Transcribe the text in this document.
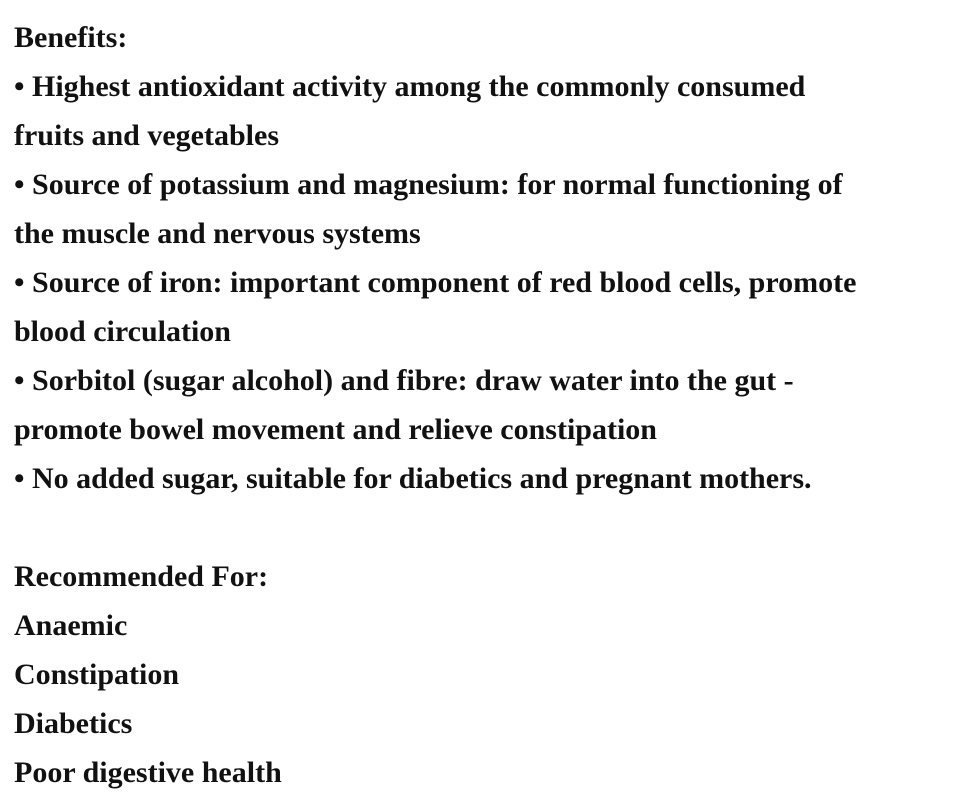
Benefits:
• Highest antioxidant activity among the commonly consumed
fruits and vegetables
• Source of potassium and magnesium: for normal functioning of
the muscle and nervous systems
• Source of iron: important component of red blood cells, promote
blood circulation
• Sorbitol (sugar alcohol) and fibre: draw water into the gut -
promote bowel movement and relieve constipation
• No added sugar, suitable for diabetics and pregnant mothers.
Recommended For:
Anaemic
Constipation
Diabetics
Poor digestive health
